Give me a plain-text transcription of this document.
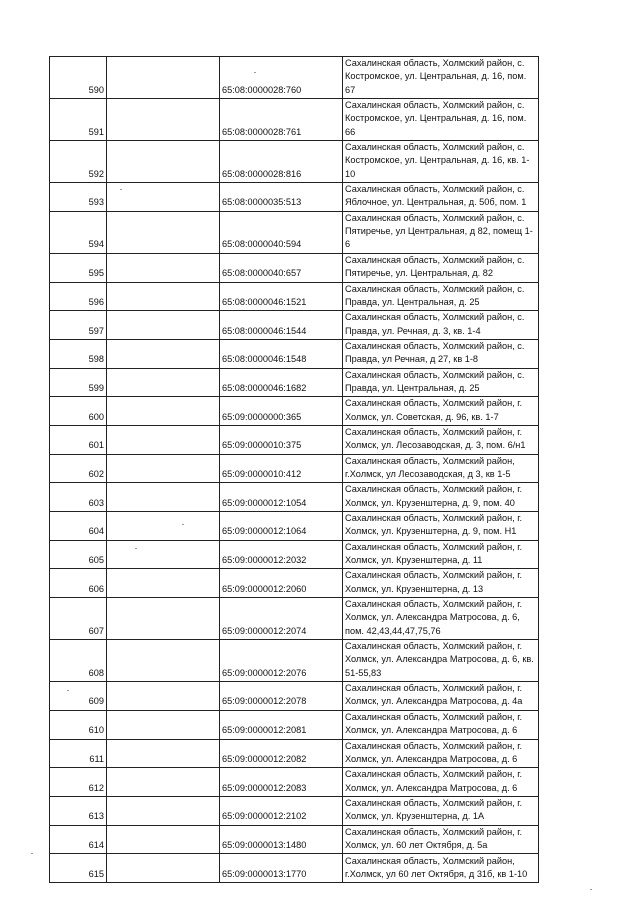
590		65:08:0000028:760	Сахалинская область, Холмский район, с. Костромское, ул. Центральная, д. 16, пом. 67
591		65:08:0000028:761	Сахалинская область, Холмский район, с. Костромское, ул. Центральная, д. 16, пом. 66
592		65:08:0000028:816	Сахалинская область, Холмский район, с. Костромское, ул. Центральная, д. 16, кв. 1-10
593		65:08:0000035:513	Сахалинская область, Холмский район, с. Яблочное, ул. Центральная, д. 50б, пом. 1
594		65:08:0000040:594	Сахалинская область, Холмский район, с. Пятиречье, ул Центральная, д 82, помещ 1-6
595		65:08:0000040:657	Сахалинская область, Холмский район, с. Пятиречье, ул. Центральная, д. 82
596		65:08:0000046:1521	Сахалинская область, Холмский район, с. Правда, ул. Центральная, д. 25
597		65:08:0000046:1544	Сахалинская область, Холмский район, с. Правда, ул. Речная, д. 3, кв. 1-4
598		65:08:0000046:1548	Сахалинская область, Холмский район, с. Правда, ул Речная, д 27, кв 1-8
599		65:08:0000046:1682	Сахалинская область, Холмский район, с. Правда, ул. Центральная, д. 25
600		65:09:0000000:365	Сахалинская область, Холмский район, г. Холмск, ул. Советская, д. 96, кв. 1-7
601		65:09:0000010:375	Сахалинская область, Холмский район, г. Холмск, ул. Лесозаводская, д. 3, пом. 6/н1
602		65:09:0000010:412	Сахалинская область, Холмский район, г.Холмск, ул Лесозаводская, д 3, кв 1-5
603		65:09:0000012:1054	Сахалинская область, Холмский район, г. Холмск, ул. Крузенштерна, д. 9, пом. 40
604		65:09:0000012:1064	Сахалинская область, Холмский район, г. Холмск, ул. Крузенштерна, д. 9, пом. Н1
605		65:09:0000012:2032	Сахалинская область, Холмский район, г. Холмск, ул. Крузенштерна, д. 11
606		65:09:0000012:2060	Сахалинская область, Холмский район, г. Холмск, ул. Крузенштерна, д. 13
607		65:09:0000012:2074	Сахалинская область, Холмский район, г. Холмск, ул. Александра Матросова, д. 6, пом. 42,43,44,47,75,76
608		65:09:0000012:2076	Сахалинская область, Холмский район, г. Холмск, ул. Александра Матросова, д. 6, кв. 51-55,83
609		65:09:0000012:2078	Сахалинская область, Холмский район, г. Холмск, ул. Александра Матросова, д. 4а
610		65:09:0000012:2081	Сахалинская область, Холмский район, г. Холмск, ул. Александра Матросова, д. 6
611		65:09:0000012:2082	Сахалинская область, Холмский район, г. Холмск, ул. Александра Матросова, д. 6
612		65:09:0000012:2083	Сахалинская область, Холмский район, г. Холмск, ул. Александра Матросова, д. 6
613		65:09:0000012:2102	Сахалинская область, Холмский район, г. Холмск, ул. Крузенштерна, д. 1А
614		65:09:0000013:1480	Сахалинская область, Холмский район, г. Холмск, ул. 60 лет Октября, д. 5а
615		65:09:0000013:1770	Сахалинская область, Холмский район, г.Холмск, ул 60 лет Октября, д 31б, кв 1-10
